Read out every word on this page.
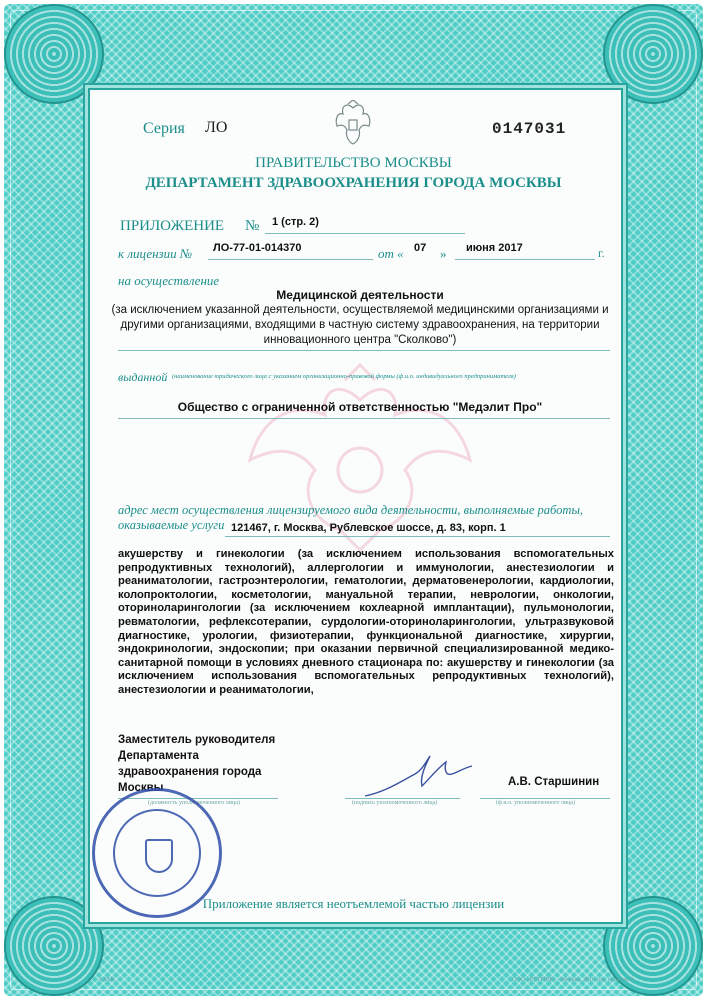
Серия ЛО	0147031
ПРАВИТЕЛЬСТВО МОСКВЫ
ДЕПАРТАМЕНТ ЗДРАВООХРАНЕНИЯ ГОРОДА МОСКВЫ
ПРИЛОЖЕНИЕ № 1 (стр. 2)
к лицензии № ЛО-77-01-014370	от « 07 » июня 2017	г.
на осуществление
Медицинской деятельности
(за исключением указанной деятельности, осуществляемой медицинскими организациями и другими организациями, входящими в частную систему здравоохранения, на территории инновационного центра "Сколково")
выданной (наименование юридического лица с указанием организационно-правовой формы (ф.и.о. индивидуального предпринимателя)
Общество с ограниченной ответственностью "Медэлит Про"
адрес мест осуществления лицензируемого вида деятельности, выполняемые работы, оказываемые услуги 121467, г. Москва, Рублевское шоссе, д. 83, корп. 1
акушерству и гинекологии (за исключением использования вспомогательных репродуктивных технологий), аллергологии и иммунологии, анестезиологии и реаниматологии, гастроэнтерологии, гематологии, дерматовенерологии, кардиологии, колопроктологии, косметологии, мануальной терапии, неврологии, онкологии, оториноларингологии (за исключением кохлеарной имплантации), пульмонологии, ревматологии, рефлексотерапии, сурдологии-оториноларингологии, ультразвуковой диагностике, урологии, физиотерапии, функциональной диагностике, хирургии, эндокринологии, эндоскопии; при оказании первичной специализированной медико-санитарной помощи в условиях дневного стационара по: акушерству и гинекологии (за исключением использования вспомогательных репродуктивных технологий), анестезиологии и реаниматологии,
Заместитель руководителя
Департамента
здравоохранения города
Москвы
(должность уполномоченного лица)	(подпись уполномоченного лица)
А.В. Старшинин
(ф.и.о. уполномоченного лица)
Приложение является неотъемлемой частью лицензии
А.М.В.	ООО «РТТРИФ» - Москва, 2016 год, уровень Б
